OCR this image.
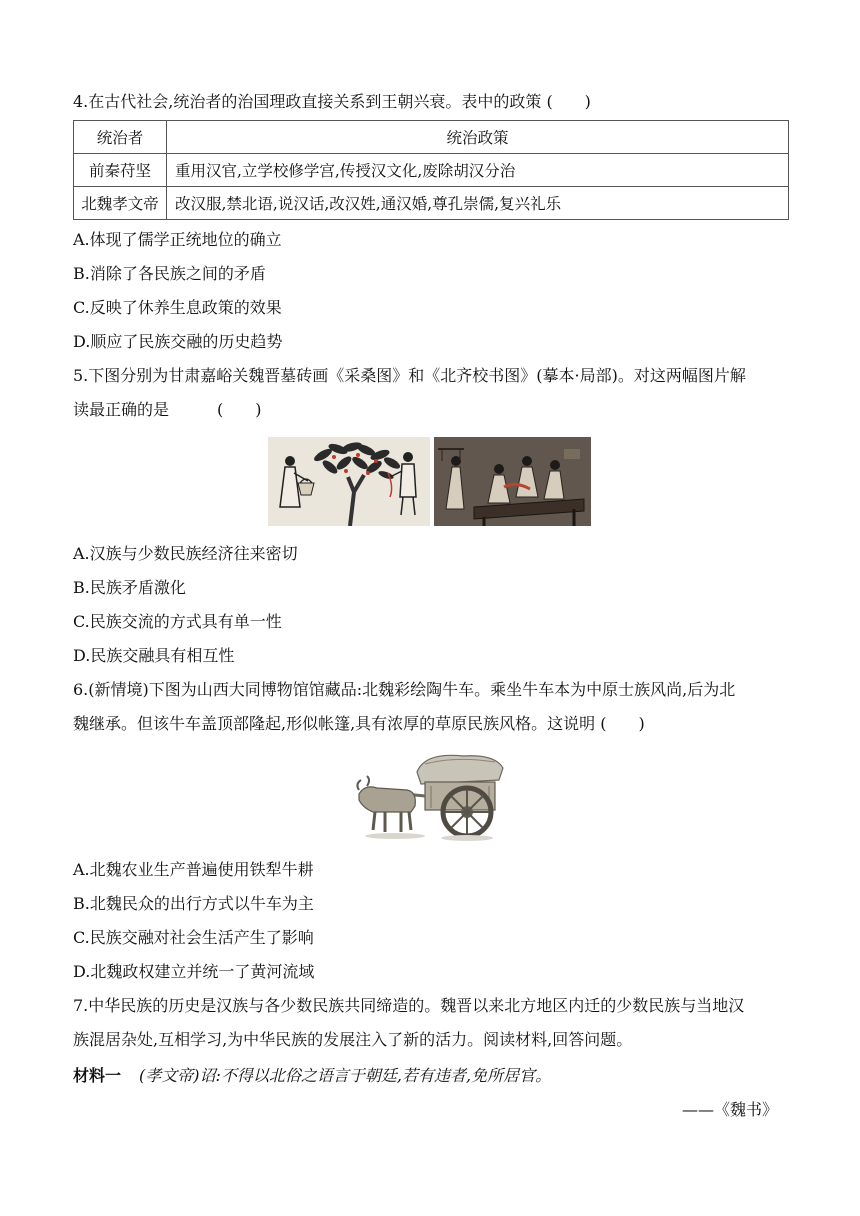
4.在古代社会,统治者的治国理政直接关系到王朝兴衰。表中的政策 (　　)
统治者	统治政策
前秦苻坚	重用汉官,立学校修学宫,传授汉文化,废除胡汉分治
北魏孝文帝	改汉服,禁北语,说汉话,改汉姓,通汉婚,尊孔崇儒,复兴礼乐
A.体现了儒学正统地位的确立
B.消除了各民族之间的矛盾
C.反映了休养生息政策的效果
D.顺应了民族交融的历史趋势
5.下图分别为甘肃嘉峪关魏晋墓砖画《采桑图》和《北齐校书图》(摹本·局部)。对这两幅图片解
读最正确的是　　　(　　)
A.汉族与少数民族经济往来密切
B.民族矛盾激化
C.民族交流的方式具有单一性
D.民族交融具有相互性
6.(新情境)下图为山西大同博物馆馆藏品:北魏彩绘陶牛车。乘坐牛车本为中原士族风尚,后为北
魏继承。但该牛车盖顶部隆起,形似帐篷,具有浓厚的草原民族风格。这说明 (　　)
A.北魏农业生产普遍使用铁犁牛耕
B.北魏民众的出行方式以牛车为主
C.民族交融对社会生活产生了影响
D.北魏政权建立并统一了黄河流域
7.中华民族的历史是汉族与各少数民族共同缔造的。魏晋以来北方地区内迁的少数民族与当地汉
族混居杂处,互相学习,为中华民族的发展注入了新的活力。阅读材料,回答问题。
材料一 (孝文帝)诏:不得以北俗之语言于朝廷,若有违者,免所居官。
——《魏书》
